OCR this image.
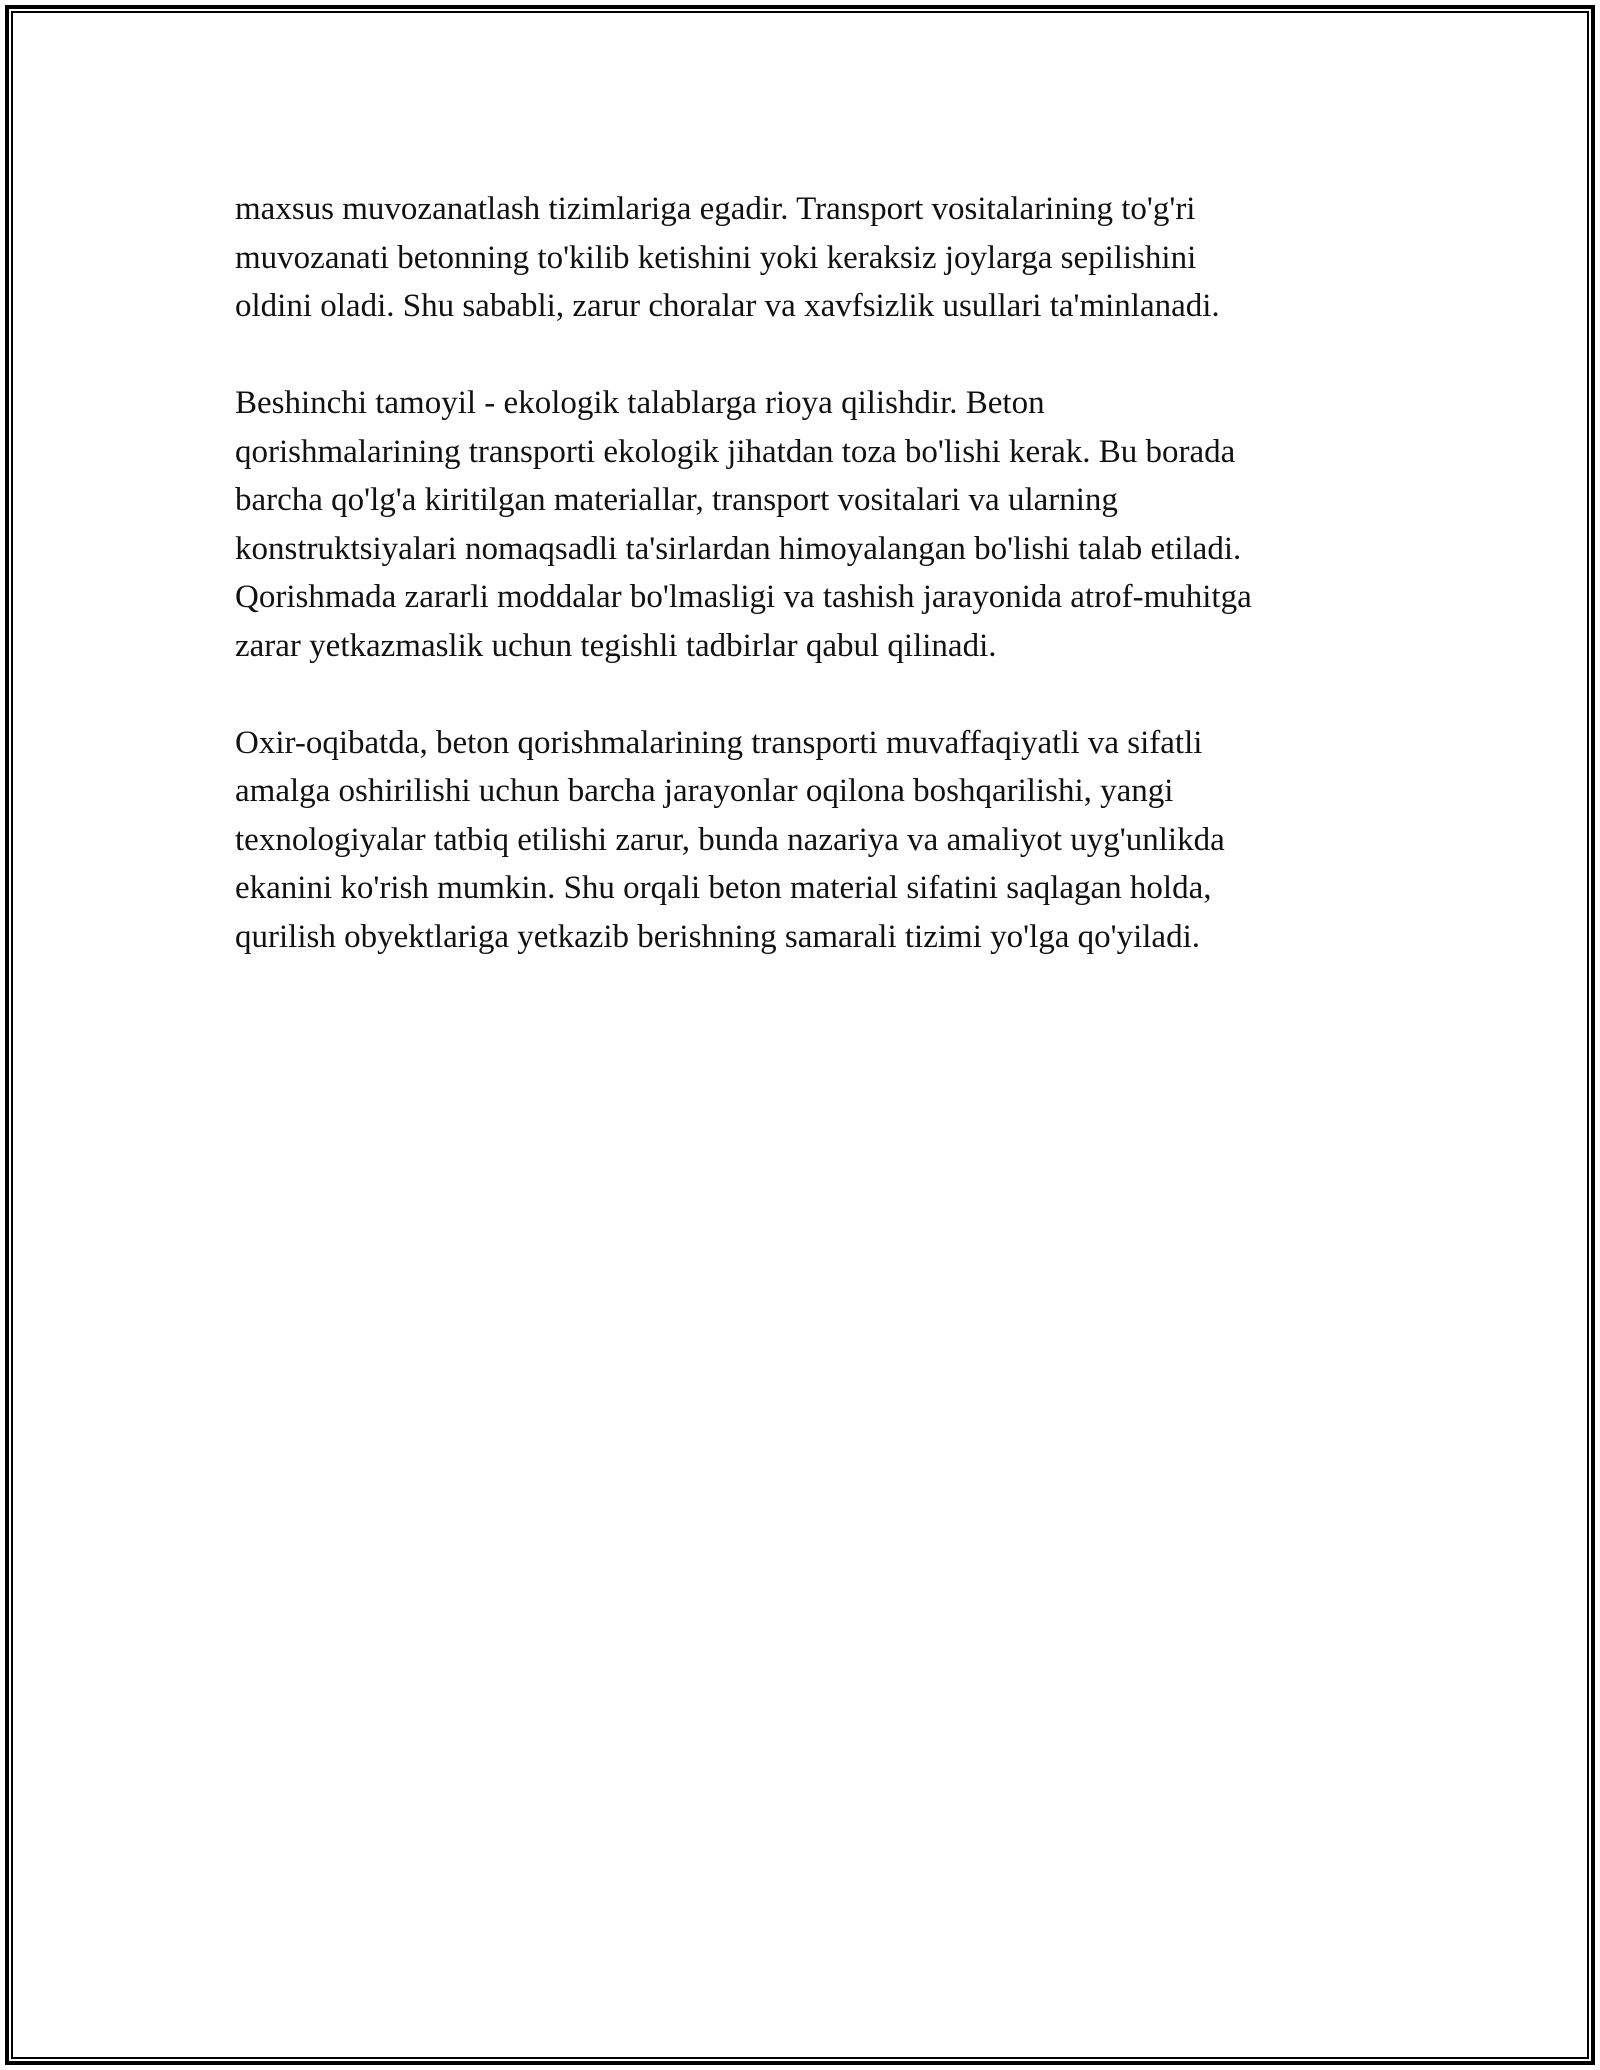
maxsus muvozanatlash tizimlariga egadir. Transport vositalarining to'g'ri
muvozanati betonning to'kilib ketishini yoki keraksiz joylarga sepilishini
oldini oladi. Shu sababli, zarur choralar va xavfsizlik usullari ta'minlanadi.

Beshinchi tamoyil - ekologik talablarga rioya qilishdir. Beton
qorishmalarining transporti ekologik jihatdan toza bo'lishi kerak. Bu borada
barcha qo'lg'a kiritilgan materiallar, transport vositalari va ularning
konstruktsiyalari nomaqsadli ta'sirlardan himoyalangan bo'lishi talab etiladi.
Qorishmada zararli moddalar bo'lmasligi va tashish jarayonida atrof-muhitga
zarar yetkazmaslik uchun tegishli tadbirlar qabul qilinadi.

Oxir-oqibatda, beton qorishmalarining transporti muvaffaqiyatli va sifatli
amalga oshirilishi uchun barcha jarayonlar oqilona boshqarilishi, yangi
texnologiyalar tatbiq etilishi zarur, bunda nazariya va amaliyot uyg'unlikda
ekanini ko'rish mumkin. Shu orqali beton material sifatini saqlagan holda,
qurilish obyektlariga yetkazib berishning samarali tizimi yo'lga qo'yiladi.
